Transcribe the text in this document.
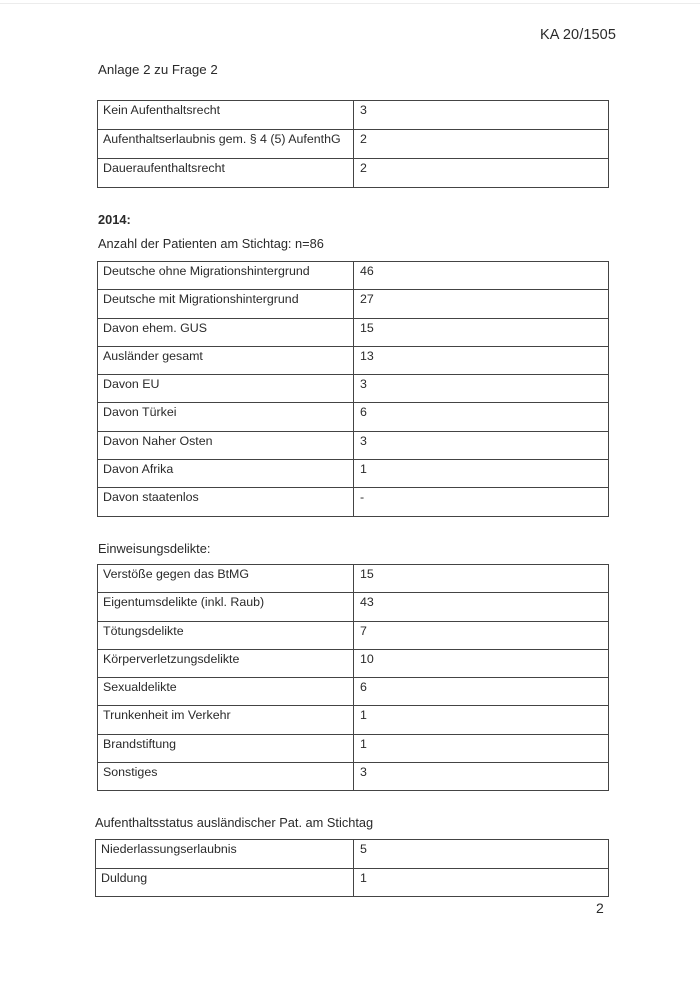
KA 20/1505
Anlage 2 zu Frage 2
Kein Aufenthaltsrecht	3
Aufenthaltserlaubnis gem. § 4 (5) AufenthG	2
Daueraufenthaltsrecht	2
2014:
Anzahl der Patienten am Stichtag: n=86
Deutsche ohne Migrationshintergrund	46
Deutsche mit Migrationshintergrund	27
Davon ehem. GUS	15
Ausländer gesamt	13
Davon EU	3
Davon Türkei	6
Davon Naher Osten	3
Davon Afrika	1
Davon staatenlos	-
Einweisungsdelikte:
Verstöße gegen das BtMG	15
Eigentumsdelikte (inkl. Raub)	43
Tötungsdelikte	7
Körperverletzungsdelikte	10
Sexualdelikte	6
Trunkenheit im Verkehr	1
Brandstiftung	1
Sonstiges	3
Aufenthaltsstatus ausländischer Pat. am Stichtag
Niederlassungserlaubnis	5
Duldung	1
2
